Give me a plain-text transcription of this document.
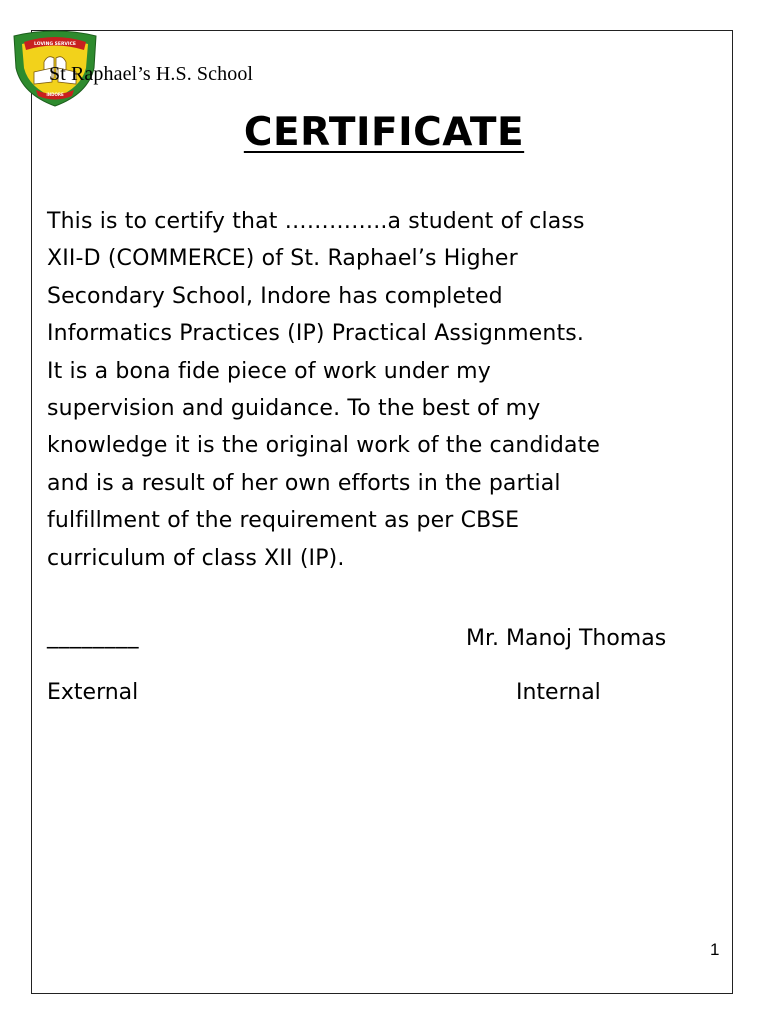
LOVING SERVICE
INDORE
St Raphael’s H.S. School
CERTIFICATE
This is to certify that …………..a student of class
XII-D (COMMERCE) of St. Raphael’s Higher
Secondary School, Indore has completed
Informatics Practices (IP) Practical Assignments.
It is a bona fide piece of work under my
supervision and guidance. To the best of my
knowledge it is the original work of the candidate
and is a result of her own efforts in the partial
fulfillment of the requirement as per CBSE
curriculum of class XII (IP).
________	Mr. Manoj Thomas
External	Internal
1
